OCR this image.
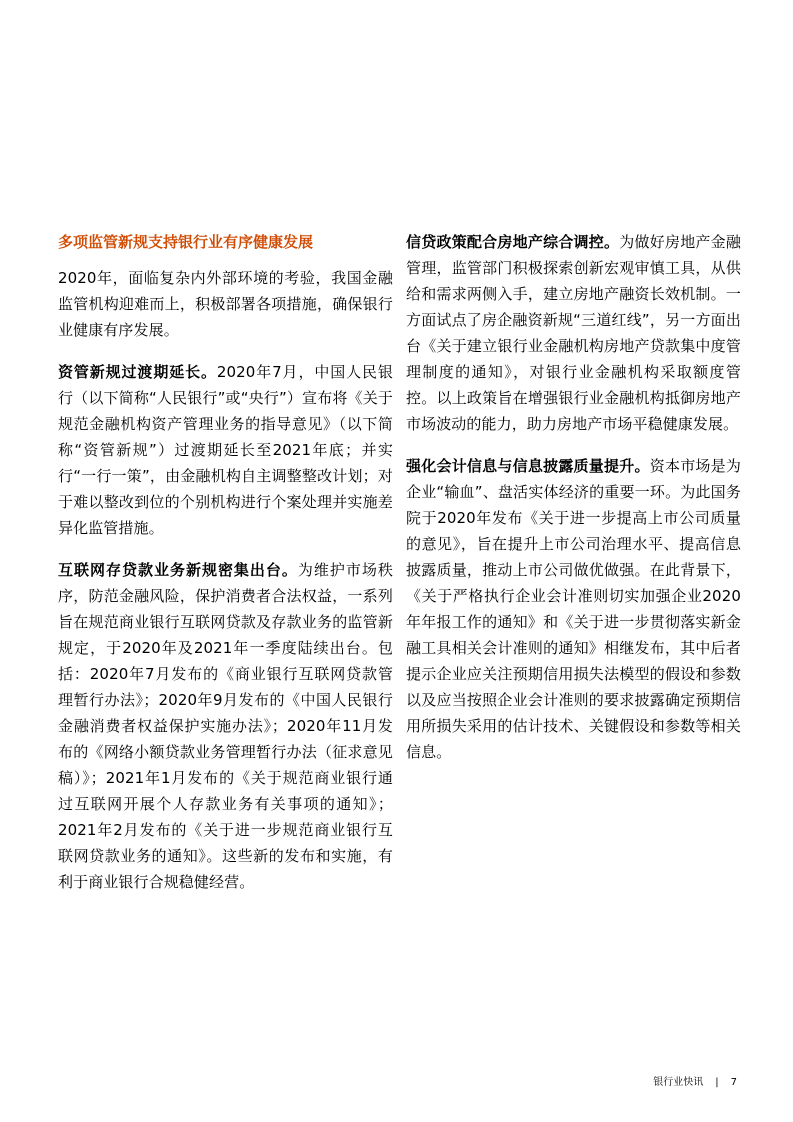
多项监管新规支持银行业有序健康发展

2020年，面临复杂内外部环境的考验，我国金融监管机构迎难而上，积极部署各项措施，确保银行业健康有序发展。

资管新规过渡期延长。2020年7月，中国人民银行（以下简称“人民银行”或“央行”）宣布将《关于规范金融机构资产管理业务的指导意见》（以下简称“资管新规”）过渡期延长至2021年底；并实行“一行一策”，由金融机构自主调整整改计划；对于难以整改到位的个别机构进行个案处理并实施差异化监管措施。

互联网存贷款业务新规密集出台。为维护市场秩序，防范金融风险，保护消费者合法权益，一系列旨在规范商业银行互联网贷款及存款业务的监管新规定，于2020年及2021年一季度陆续出台。包括：2020年7月发布的《商业银行互联网贷款管理暂行办法》；2020年9月发布的《中国人民银行金融消费者权益保护实施办法》；2020年11月发布的《网络小额贷款业务管理暂行办法（征求意见稿）》；2021年1月发布的《关于规范商业银行通过互联网开展个人存款业务有关事项的通知》；2021年2月发布的《关于进一步规范商业银行互联网贷款业务的通知》。这些新的发布和实施，有利于商业银行合规稳健经营。

信贷政策配合房地产综合调控。为做好房地产金融管理，监管部门积极探索创新宏观审慎工具，从供给和需求两侧入手，建立房地产融资长效机制。一方面试点了房企融资新规“三道红线”，另一方面出台《关于建立银行业金融机构房地产贷款集中度管理制度的通知》，对银行业金融机构采取额度管控。以上政策旨在增强银行业金融机构抵御房地产市场波动的能力，助力房地产市场平稳健康发展。

强化会计信息与信息披露质量提升。资本市场是为企业“输血”、盘活实体经济的重要一环。为此国务院于2020年发布《关于进一步提高上市公司质量的意见》，旨在提升上市公司治理水平、提高信息披露质量，推动上市公司做优做强。在此背景下，《关于严格执行企业会计准则切实加强企业2020年年报工作的通知》和《关于进一步贯彻落实新金融工具相关会计准则的通知》相继发布，其中后者提示企业应关注预期信用损失法模型的假设和参数以及应当按照企业会计准则的要求披露确定预期信用所损失采用的估计技术、关键假设和参数等相关信息。

银行业快讯 | 7
